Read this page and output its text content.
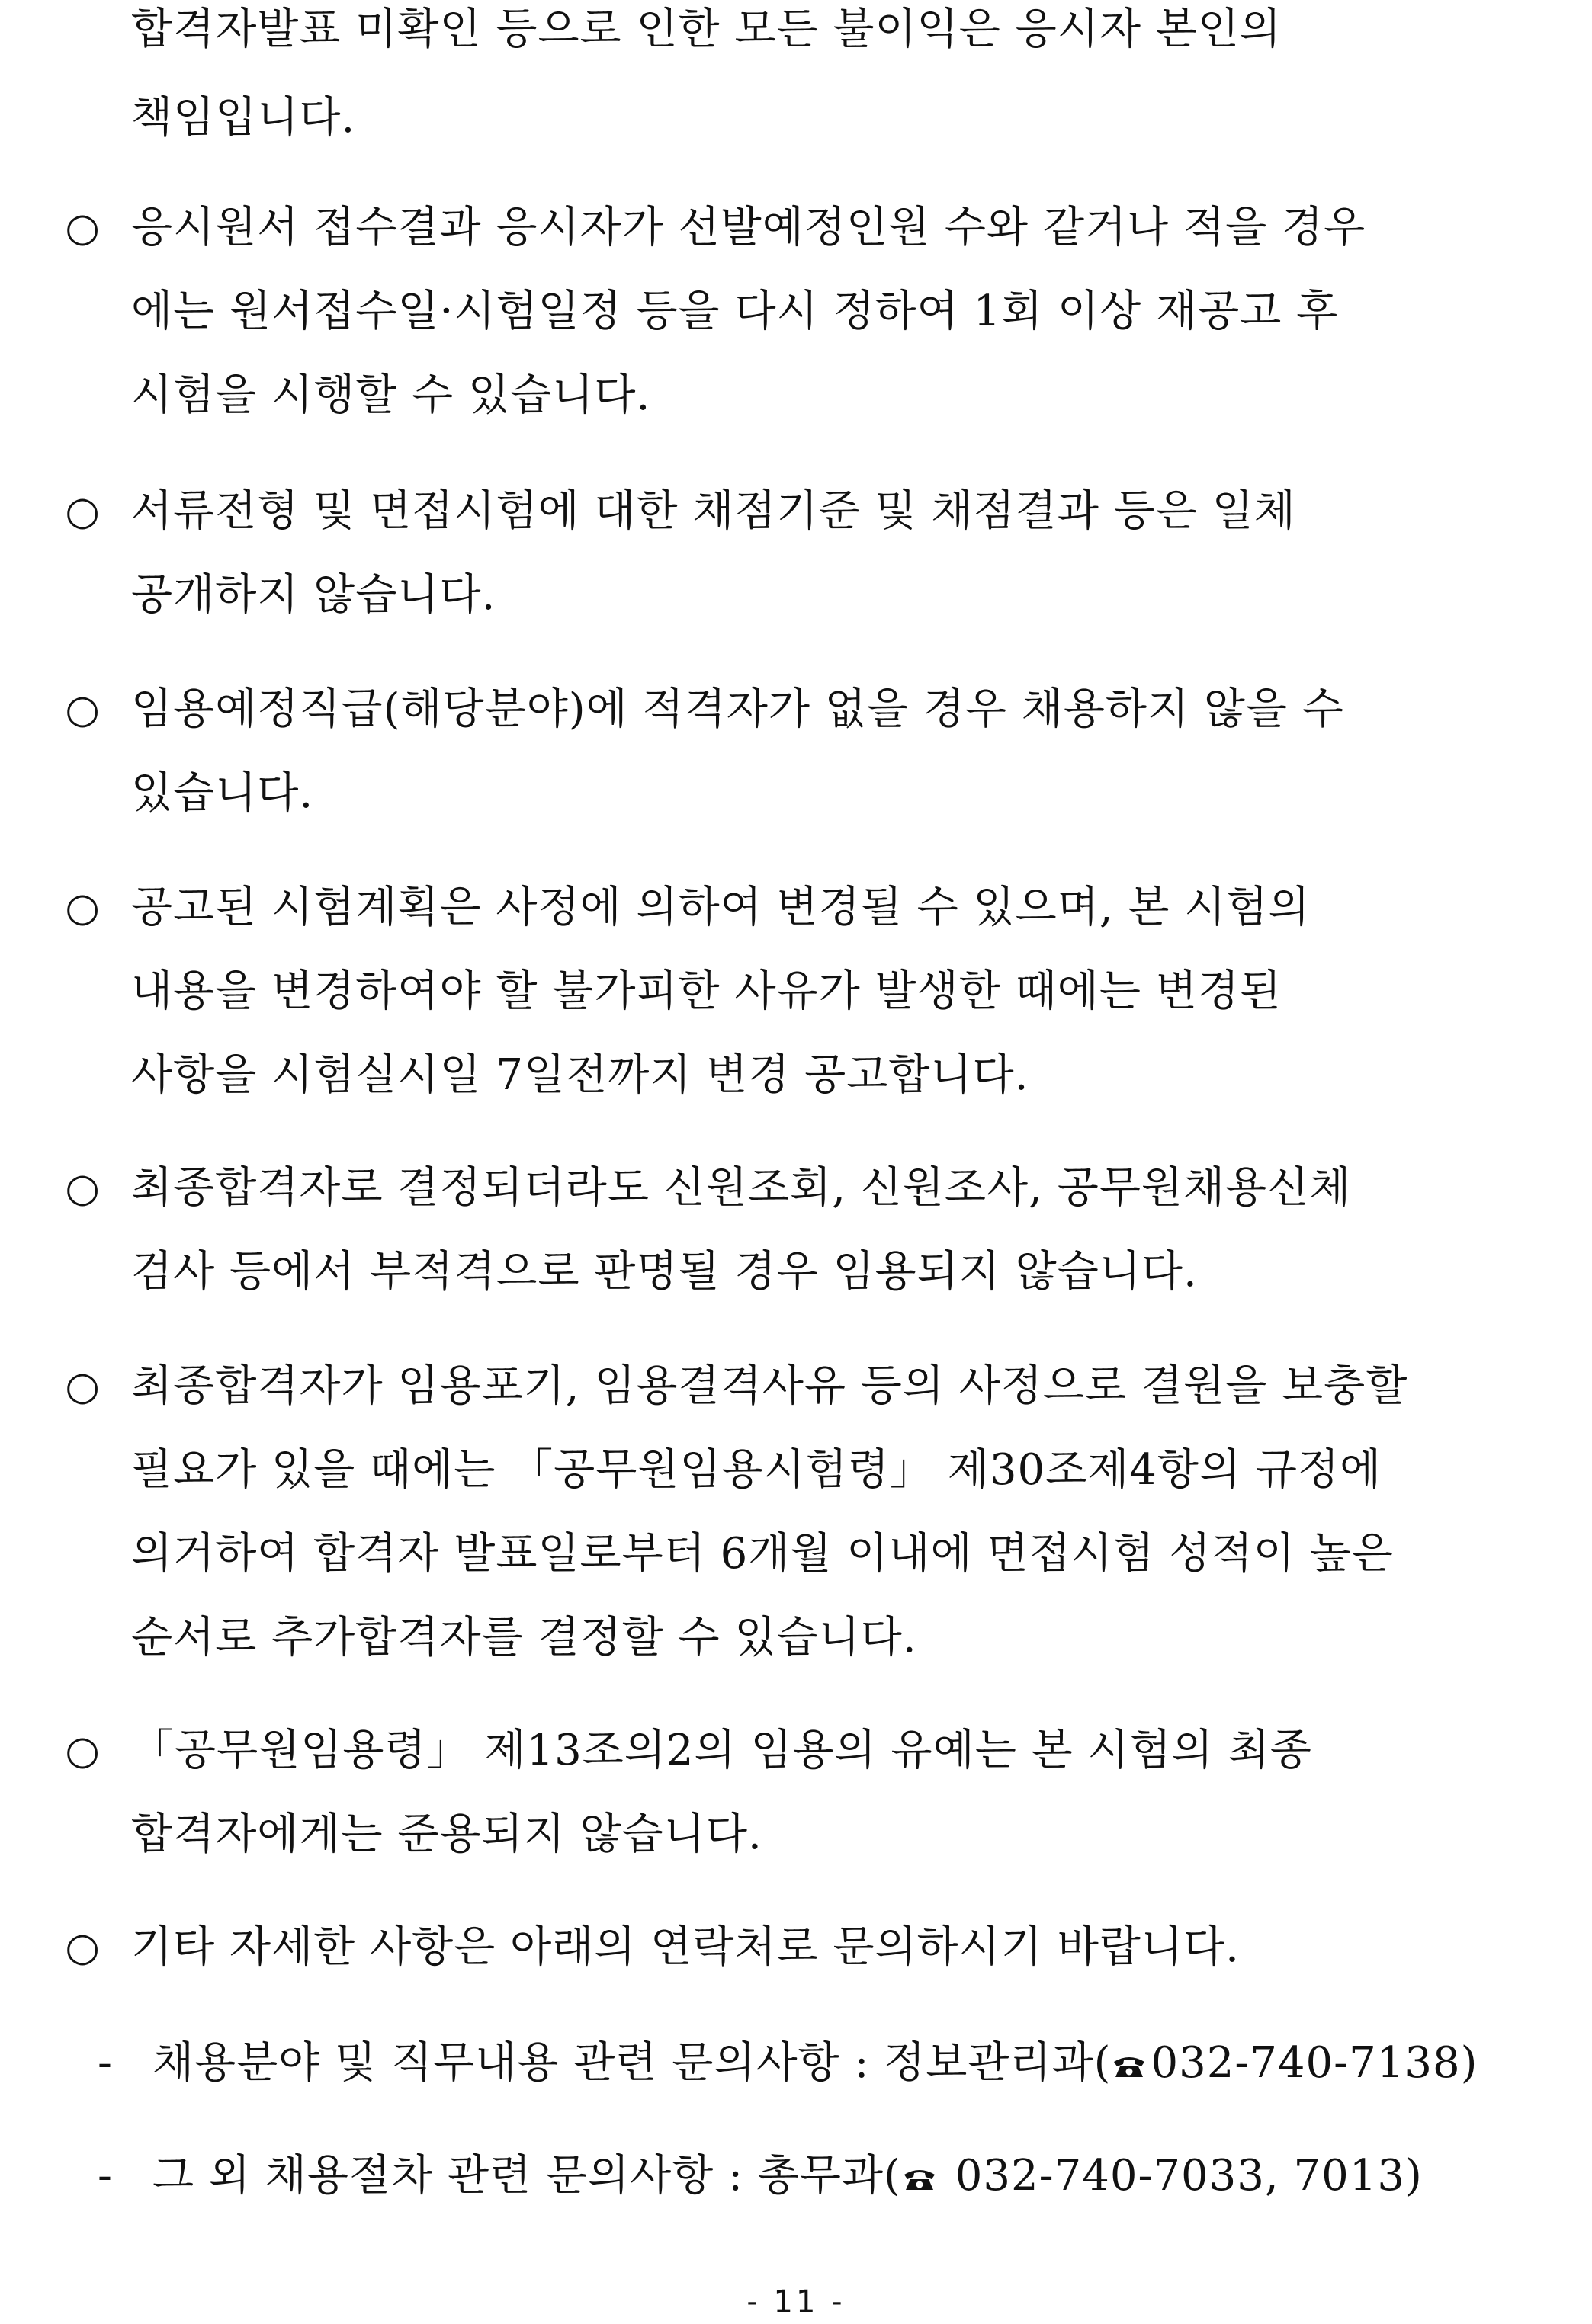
합격자발표 미확인 등으로 인한 모든 불이익은 응시자 본인의
책임입니다.
○ 응시원서 접수결과 응시자가 선발예정인원 수와 같거나 적을 경우
에는 원서접수일·시험일정 등을 다시 정하여 1회 이상 재공고 후
시험을 시행할 수 있습니다.
○ 서류전형 및 면접시험에 대한 채점기준 및 채점결과 등은 일체
공개하지 않습니다.
○ 임용예정직급(해당분야)에 적격자가 없을 경우 채용하지 않을 수
있습니다.
○ 공고된 시험계획은 사정에 의하여 변경될 수 있으며, 본 시험의
내용을 변경하여야 할 불가피한 사유가 발생한 때에는 변경된
사항을 시험실시일 7일전까지 변경 공고합니다.
○ 최종합격자로 결정되더라도 신원조회, 신원조사, 공무원채용신체
검사 등에서 부적격으로 판명될 경우 임용되지 않습니다.
○ 최종합격자가 임용포기, 임용결격사유 등의 사정으로 결원을 보충할
필요가 있을 때에는 「공무원임용시험령」 제30조제4항의 규정에
의거하여 합격자 발표일로부터 6개월 이내에 면접시험 성적이 높은
순서로 추가합격자를 결정할 수 있습니다.
○ 「공무원임용령」 제13조의2의 임용의 유예는 본 시험의 최종
합격자에게는 준용되지 않습니다.
○ 기타 자세한 사항은 아래의 연락처로 문의하시기 바랍니다.
- 채용분야 및 직무내용 관련 문의사항 : 정보관리과( 032-740-7138)
- 그 외 채용절차 관련 문의사항 : 총무과( 032-740-7033, 7013)
- 11 -
